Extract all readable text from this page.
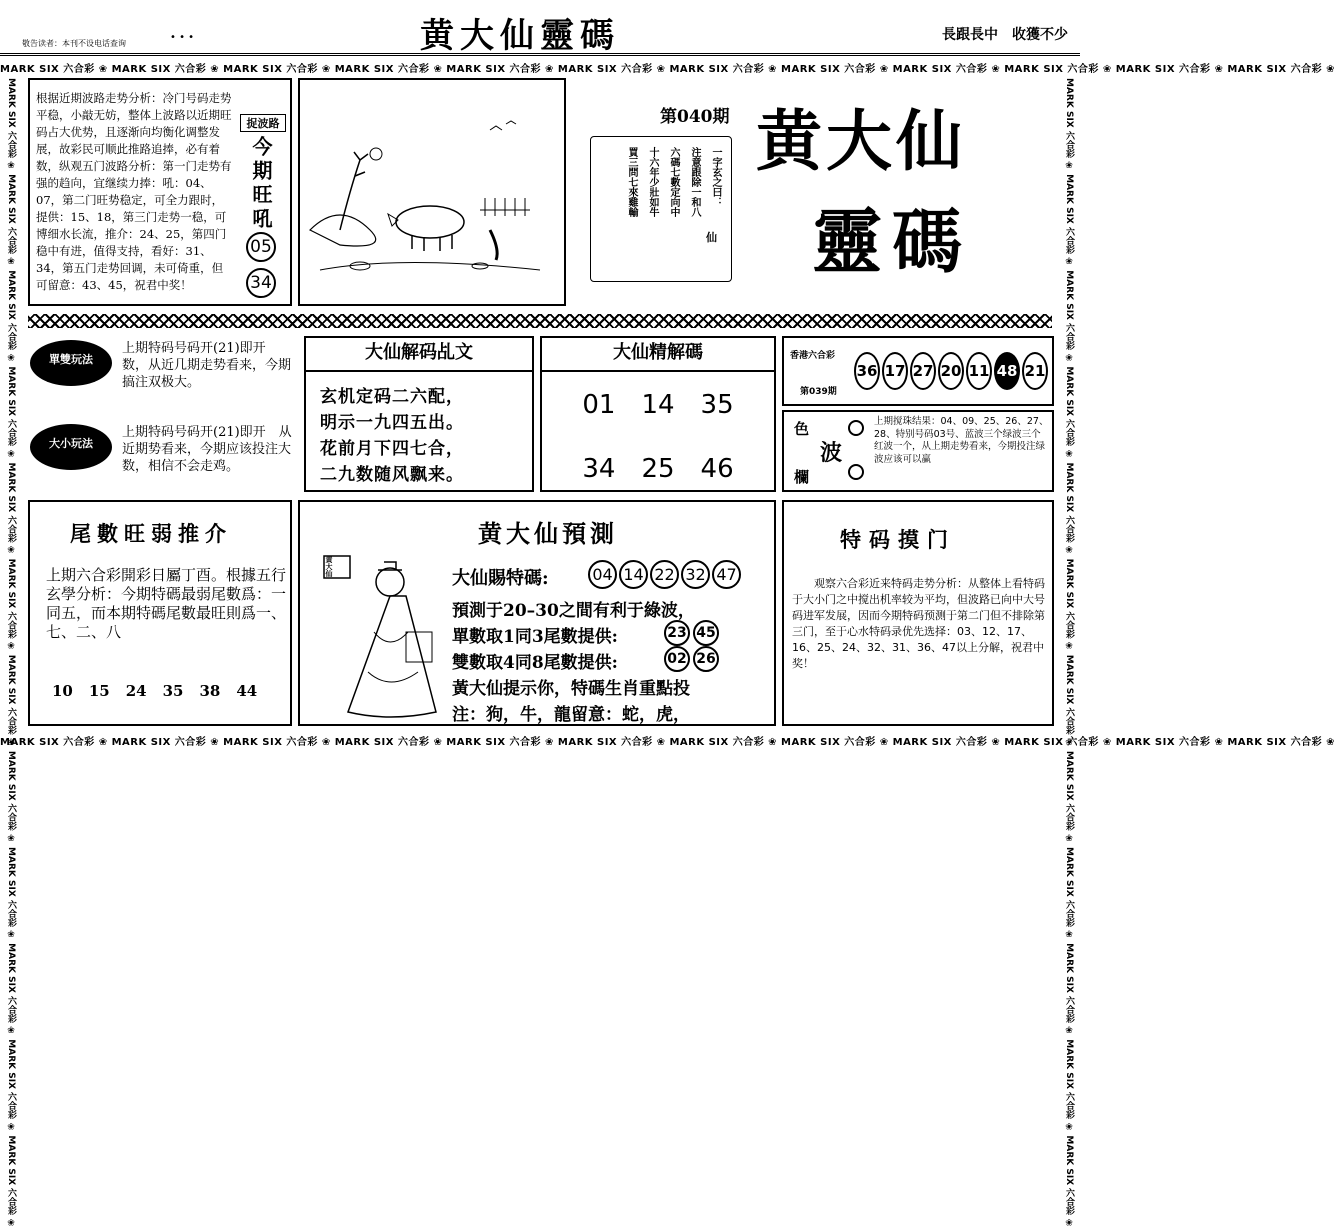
敬告读者：本刊不设电话查询
• • •	黄大仙靈碼	長跟長中　收獲不少
MARK SIX 六合彩 ❀ MARK SIX 六合彩 ❀ MARK SIX 六合彩 ❀ MARK SIX 六合彩 ❀ MARK SIX 六合彩 ❀ MARK SIX 六合彩 ❀ MARK SIX 六合彩 ❀ MARK SIX 六合彩 ❀ MARK SIX 六合彩 ❀ MARK SIX 六合彩 ❀ MARK SIX 六合彩 ❀ MARK SIX 六合彩 ❀
MARK SIX 六合彩 ❀ MARK SIX 六合彩 ❀ MARK SIX 六合彩 ❀ MARK SIX 六合彩 ❀ MARK SIX 六合彩 ❀ MARK SIX 六合彩 ❀ MARK SIX 六合彩 ❀ MARK SIX 六合彩 ❀ MARK SIX 六合彩 ❀ MARK SIX 六合彩 ❀ MARK SIX 六合彩 ❀ MARK SIX 六合彩 ❀
MARK SIX 六合彩 ❀ MARK SIX 六合彩 ❀ MARK SIX 六合彩 ❀ MARK SIX 六合彩 ❀ MARK SIX 六合彩 ❀ MARK SIX 六合彩 ❀ MARK SIX 六合彩 ❀ MARK SIX 六合彩 ❀ MARK SIX 六合彩 ❀ MARK SIX 六合彩 ❀ MARK SIX 六合彩 ❀ MARK SIX 六合彩 ❀	MARK SIX 六合彩 ❀ MARK SIX 六合彩 ❀ MARK SIX 六合彩 ❀ MARK SIX 六合彩 ❀ MARK SIX 六合彩 ❀ MARK SIX 六合彩 ❀ MARK SIX 六合彩 ❀ MARK SIX 六合彩 ❀ MARK SIX 六合彩 ❀ MARK SIX 六合彩 ❀ MARK SIX 六合彩 ❀ MARK SIX 六合彩 ❀
根据近期波路走势分析：冷门号码走势平稳，小敲无妨，整体上波路以近期旺码占大优势，且逐渐向均衡化调整发展，故彩民可顺此推路追捧，必有着数，纵观五门波路分析：第一门走势有强的趋向，宜继续力捧：吼：04、07，第二门旺势稳定，可全力跟时，提供：15、18，第三门走势一稳，可博细水长流，推介：24、25，第四门稳中有进，值得支持，看好：31、34，第五门走势回调，未可倚重，但可留意：43、45，祝君中奖！
捉波路
今期旺吼
05
34
一字玄之曰：
注意跟除一和八
六碼七數定向中
十六年少壯如牛
買三問七來雞輸
仙
第040期 黄大仙
靈碼
單雙玩法
上期特码号码开(21)即开　数，从近几期走势看来，今期搞注双极大。
大小玩法
上期特码号码开(21)即开　从近期势看来，今期应该投注大数，相信不会走鸡。
大仙解码乩文
玄机定码二六配，
明示一九四五出。
花前月下四七合，
二九数随风飘来。
大仙精解碼
01 14 35
34 25 46
香港六合彩
第039期
36 17 27 20 11 48 21
色
波
欄
上期搅珠结果：04、09、25、26、27、28、特别号码03号、蓝波三个绿波三个红波一个，从上期走势看来，今期投注绿波应该可以赢
尾數旺弱推介
上期六合彩開彩日屬丁酉。根據五行玄學分析：今期特碼最弱尾數爲：一同五，而本期特碼尾數最旺則爲一、七、二、八
10 15 24 35 38 44
黄大仙預測
黄大仙
大仙賜特碼:	04 14 22 32 47
預測于20–30之間有利于綠波，
單數取1同3尾數提供:	23 45
雙數取4同8尾數提供:	02 26
黃大仙提示你，特碼生肖重點投
注：狗，牛，龍留意：蛇，虎，
特码摸门
观察六合彩近来特码走势分析：从整体上看特码于大小门之中搅出机率较为平均，但波路已向中大号码进军发展，因而今期特码预测于第二门但不排除第三门，至于心水特码录优先选择：03、12、17、16、25、24、32、31、36、47以上分解，祝君中奖！
